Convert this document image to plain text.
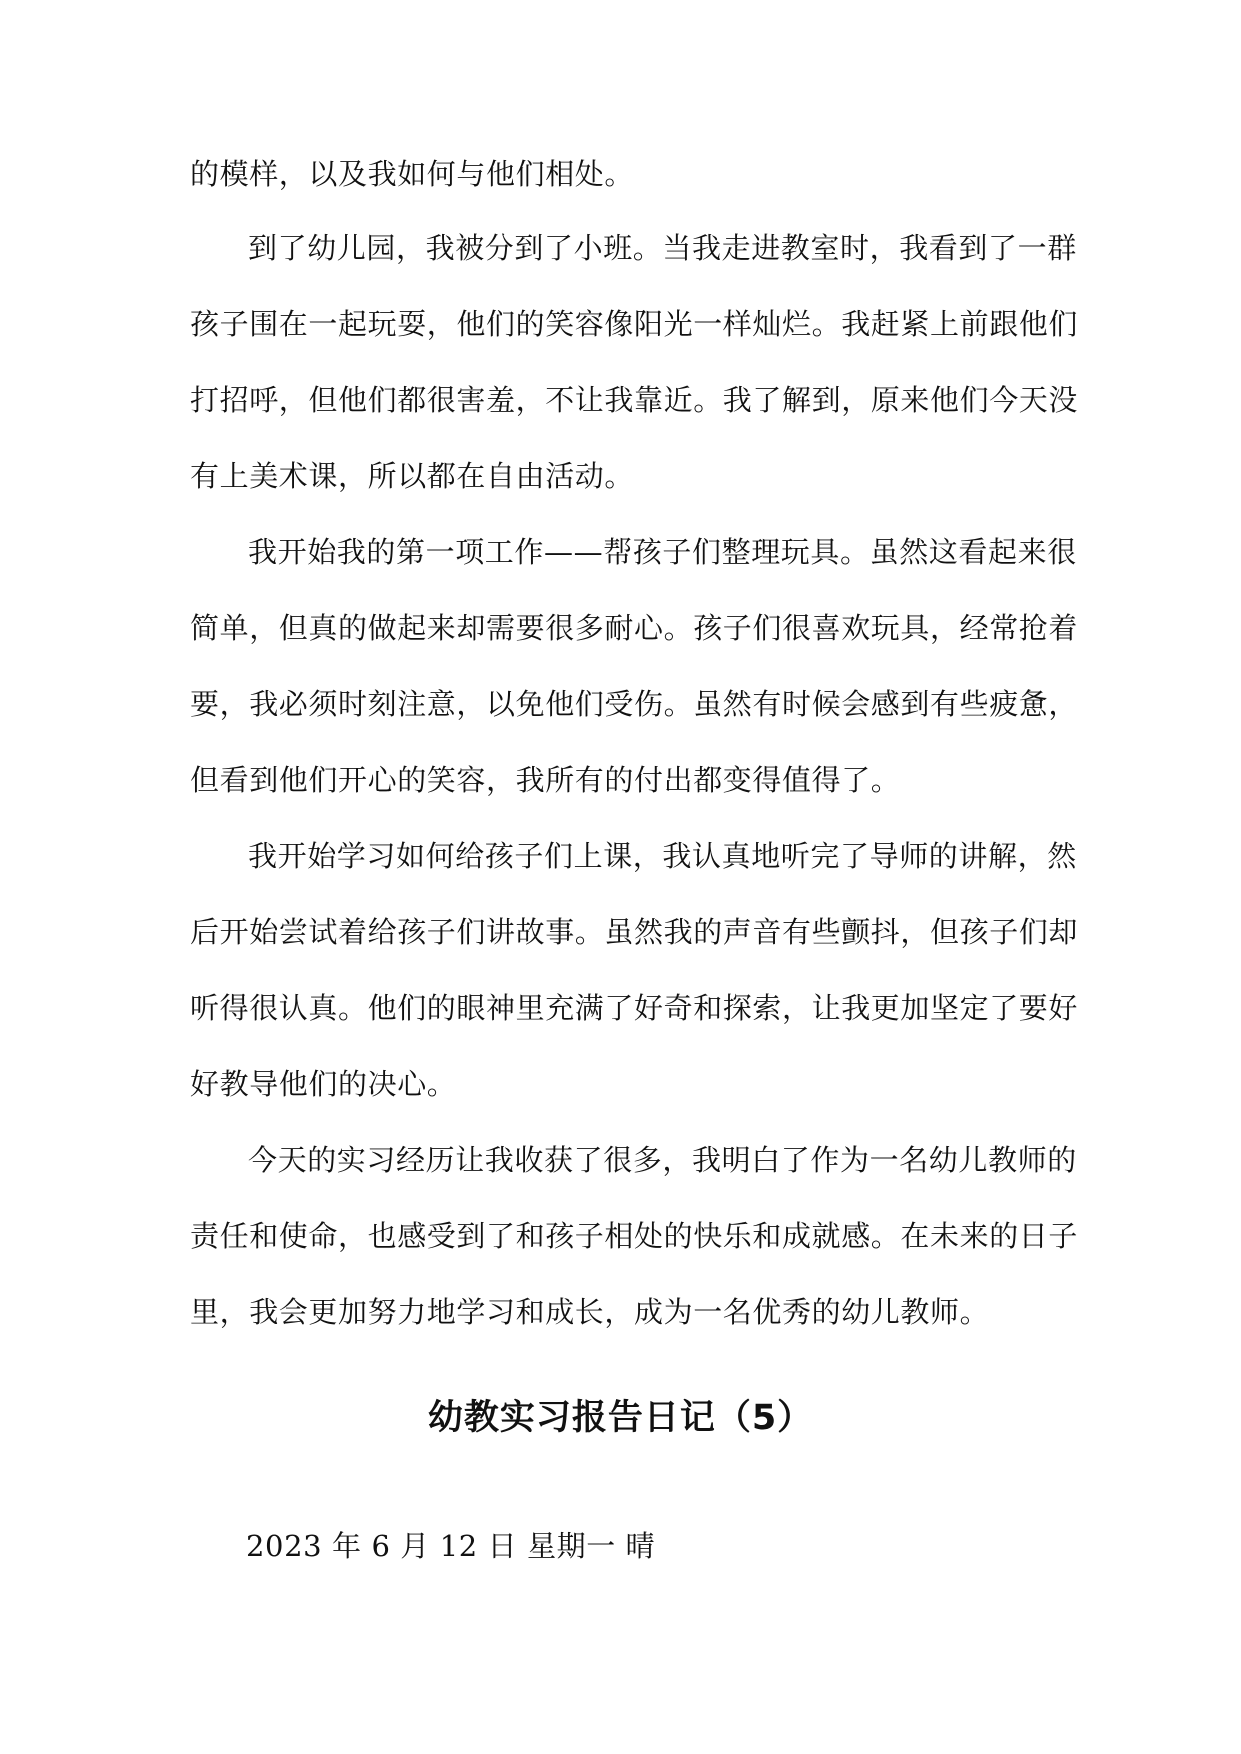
的模样，以及我如何与他们相处。
到了幼儿园，我被分到了小班。当我走进教室时，我看到了一群
孩子围在一起玩耍，他们的笑容像阳光一样灿烂。我赶紧上前跟他们
打招呼，但他们都很害羞，不让我靠近。我了解到，原来他们今天没
有上美术课，所以都在自由活动。
我开始我的第一项工作——帮孩子们整理玩具。虽然这看起来很
简单，但真的做起来却需要很多耐心。孩子们很喜欢玩具，经常抢着
要，我必须时刻注意，以免他们受伤。虽然有时候会感到有些疲惫，
但看到他们开心的笑容，我所有的付出都变得值得了。
我开始学习如何给孩子们上课，我认真地听完了导师的讲解，然
后开始尝试着给孩子们讲故事。虽然我的声音有些颤抖，但孩子们却
听得很认真。他们的眼神里充满了好奇和探索，让我更加坚定了要好
好教导他们的决心。
今天的实习经历让我收获了很多，我明白了作为一名幼儿教师的
责任和使命，也感受到了和孩子相处的快乐和成就感。在未来的日子
里，我会更加努力地学习和成长，成为一名优秀的幼儿教师。
幼教实习报告日记（5）
2023 年 6 月 12 日 星期一 晴
